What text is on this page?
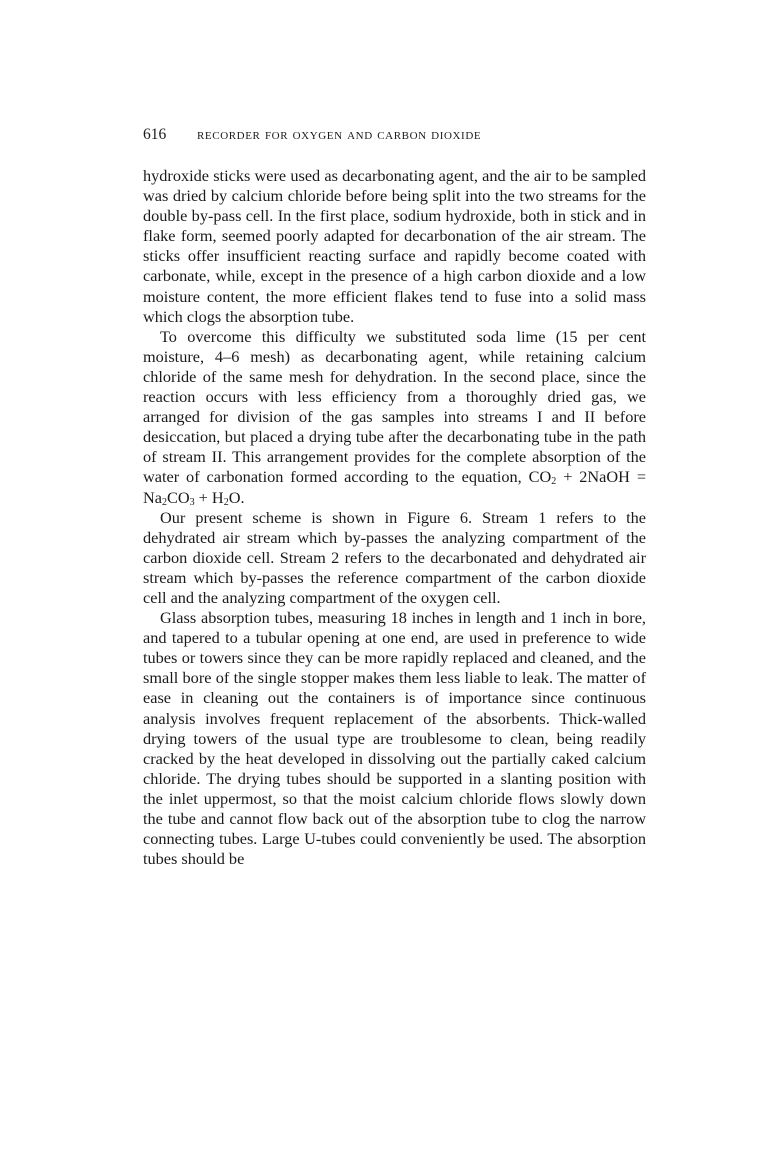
616	recorder for oxygen and carbon dioxide

hydroxide sticks were used as decarbonating agent, and the air to be sampled was dried by calcium chloride before being split into the two streams for the double by-pass cell. In the first place, sodium hydroxide, both in stick and in flake form, seemed poorly adapted for decarbonation of the air stream. The sticks offer insufficient reacting surface and rapidly become coated with carbonate, while, except in the presence of a high carbon dioxide and a low moisture content, the more efficient flakes tend to fuse into a solid mass which clogs the absorption tube.

To overcome this difficulty we substituted soda lime (15 per cent moisture, 4–6 mesh) as decarbonating agent, while retaining calcium chloride of the same mesh for dehydration. In the second place, since the reaction occurs with less efficiency from a thoroughly dried gas, we arranged for division of the gas samples into streams I and II before desiccation, but placed a drying tube after the decarbonating tube in the path of stream II. This arrangement provides for the complete absorption of the water of carbonation formed according to the equation, $CO_2$ + 2NaOH = $Na_2CO_3 + H_2O$.

Our present scheme is shown in Figure 6. Stream 1 refers to the dehydrated air stream which by-passes the analyzing compartment of the carbon dioxide cell. Stream 2 refers to the decarbonated and dehydrated air stream which by-passes the reference compartment of the carbon dioxide cell and the analyzing compartment of the oxygen cell.

Glass absorption tubes, measuring 18 inches in length and 1 inch in bore, and tapered to a tubular opening at one end, are used in preference to wide tubes or towers since they can be more rapidly replaced and cleaned, and the small bore of the single stopper makes them less liable to leak. The matter of ease in cleaning out the containers is of importance since continuous analysis involves frequent replacement of the absorbents. Thick-walled drying towers of the usual type are troublesome to clean, being readily cracked by the heat developed in dissolving out the partially caked calcium chloride. The drying tubes should be supported in a slanting position with the inlet uppermost, so that the moist calcium chloride flows slowly down the tube and cannot flow back out of the absorption tube to clog the narrow connecting tubes. Large U-tubes could conveniently be used. The absorption tubes should be
